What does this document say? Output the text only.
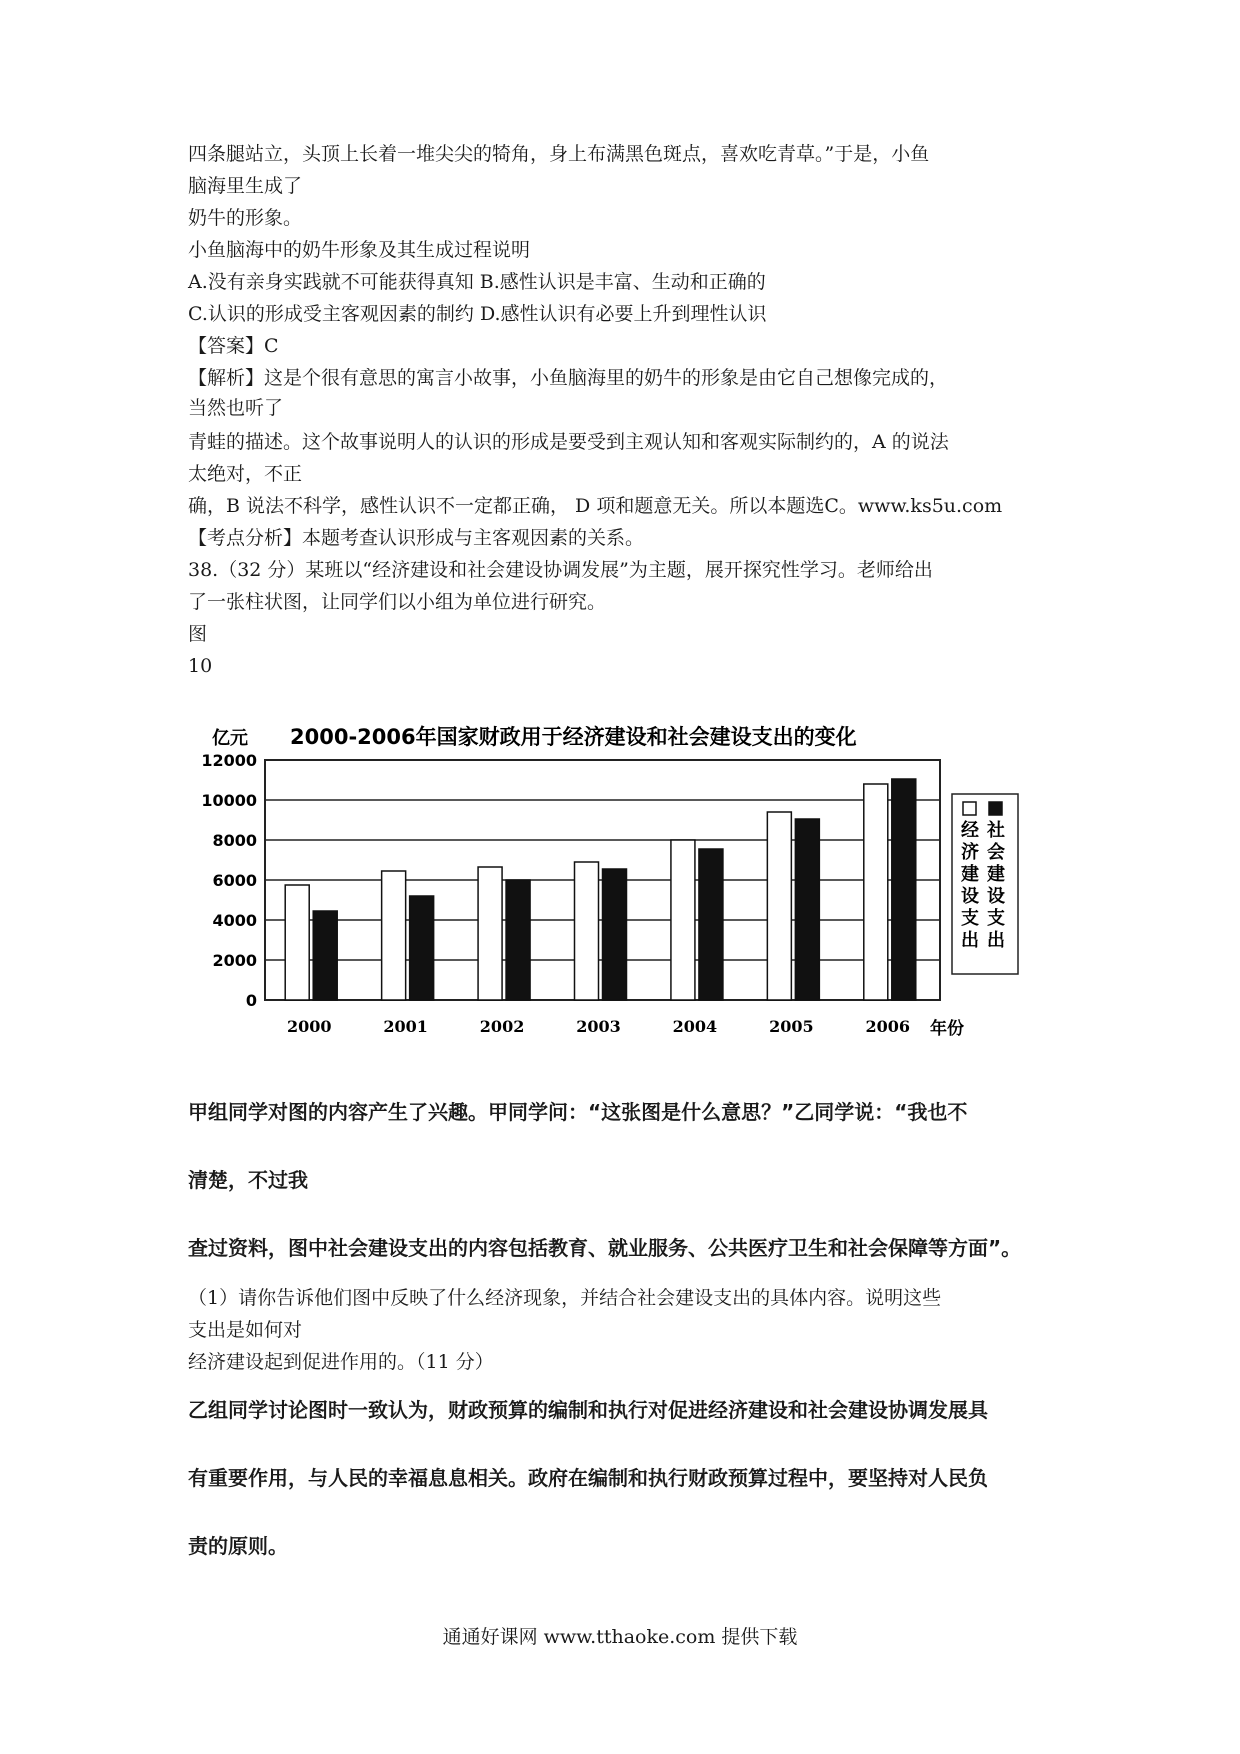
四条腿站立，头顶上长着一堆尖尖的犄角，身上布满黑色斑点，喜欢吃青草。”于是，小鱼
脑海里生成了
奶牛的形象。
小鱼脑海中的奶牛形象及其生成过程说明
A.没有亲身实践就不可能获得真知 B.感性认识是丰富、生动和正确的
C.认识的形成受主客观因素的制约 D.感性认识有必要上升到理性认识
【答案】C
【解析】这是个很有意思的寓言小故事，小鱼脑海里的奶牛的形象是由它自己想像完成的，
当然也听了
青蛙的描述。这个故事说明人的认识的形成是要受到主观认知和客观实际制约的，A 的说法
太绝对，不正
确，B 说法不科学，感性认识不一定都正确， D 项和题意无关。所以本题选C。www.ks5u.com
【考点分析】本题考查认识形成与主客观因素的关系。
38.（32 分）某班以“经济建设和社会建设协调发展”为主题，展开探究性学习。老师给出
了一张柱状图，让同学们以小组为单位进行研究。
图
10
2000-2006年国家财政用于经济建设和社会建设支出的变化
亿元
年份
0
2000
4000
6000
8000
10000
12000
2000	2001	2002	2003	2004	2005	2006
社会建设支出
经济建设支出
甲组同学对图的内容产生了兴趣。甲同学问：“这张图是什么意思？”乙同学说：“我也不
清楚，不过我
查过资料，图中社会建设支出的内容包括教育、就业服务、公共医疗卫生和社会保障等方面”。
（1）请你告诉他们图中反映了什么经济现象，并结合社会建设支出的具体内容。说明这些
支出是如何对
经济建设起到促进作用的。（11 分）
乙组同学讨论图时一致认为，财政预算的编制和执行对促进经济建设和社会建设协调发展具
有重要作用，与人民的幸福息息相关。政府在编制和执行财政预算过程中，要坚持对人民负
责的原则。
通通好课网 www.tthaoke.com 提供下载
